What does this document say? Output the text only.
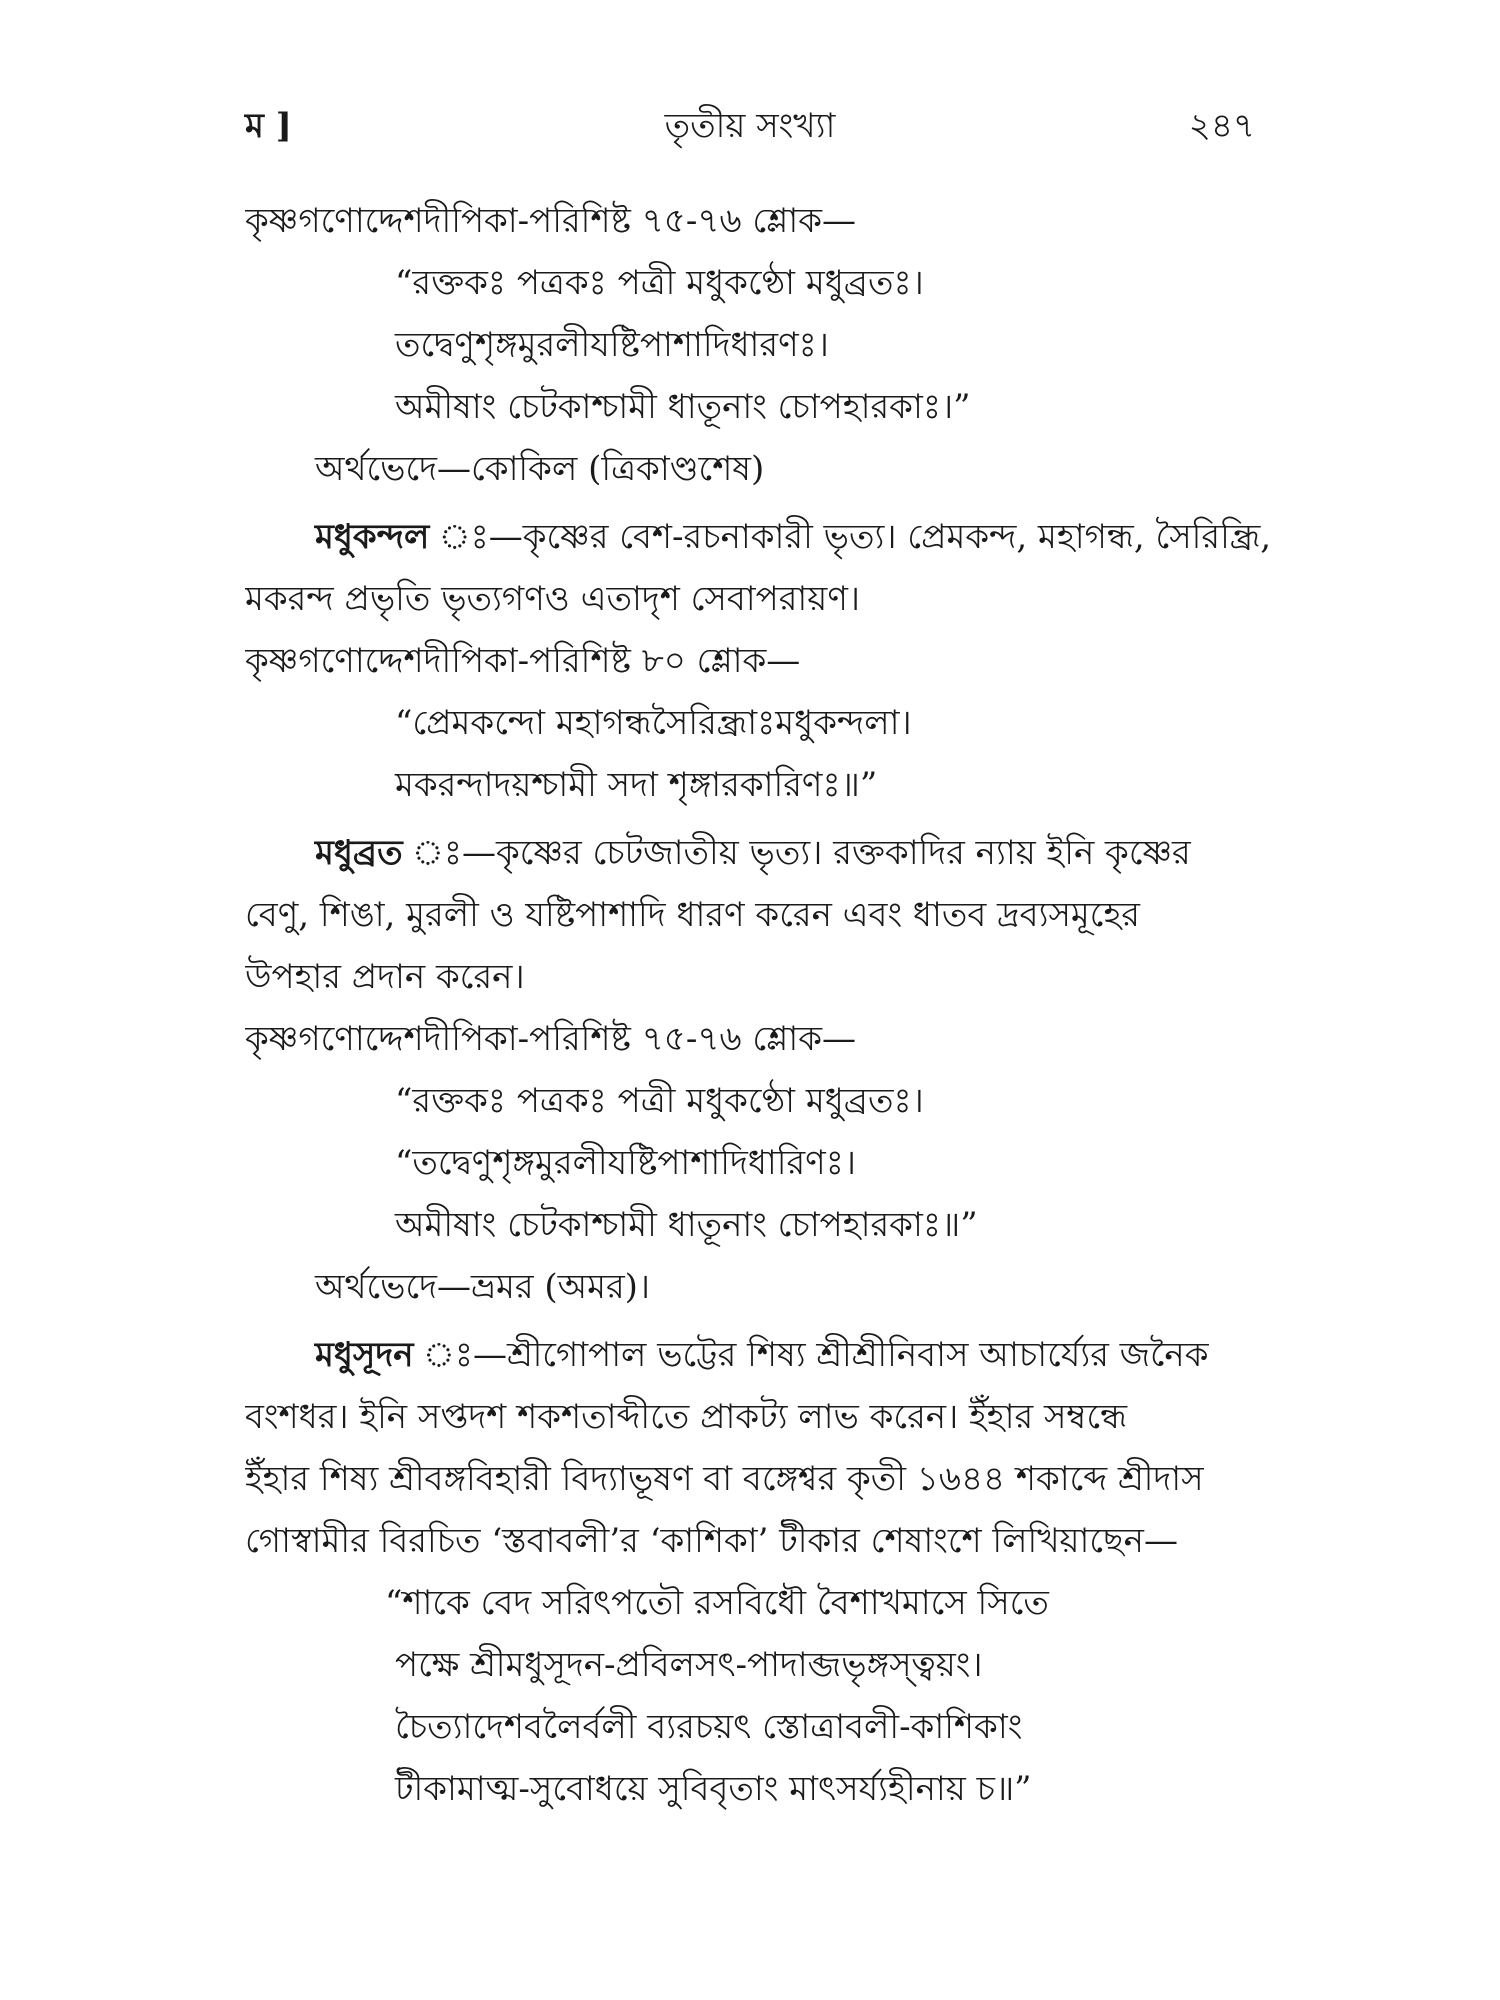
ম ]	তৃতীয় সংখ্যা	২৪৭
কৃষ্ণগণোদ্দেশদীপিকা-পরিশিষ্ট ৭৫-৭৬ শ্লোক—
“রক্তকঃ পত্রকঃ পত্রী মধুকণ্ঠো মধুব্রতঃ।
তদ্বেণুশৃঙ্গমুরলীযষ্টিপাশাদিধারণঃ।
অমীষাং চেটকাশ্চামী ধাতূনাং চোপহারকাঃ।”
অর্থভেদে—কোকিল (ত্রিকাণ্ডশেষ)
মধুকন্দল ঃ—কৃষ্ণের বেশ-রচনাকারী ভৃত্য। প্রেমকন্দ, মহাগন্ধ, সৈরিন্ধ্রি,
মকরন্দ প্রভৃতি ভৃত্যগণও এতাদৃশ সেবাপরায়ণ।
কৃষ্ণগণোদ্দেশদীপিকা-পরিশিষ্ট ৮০ শ্লোক—
“প্রেমকন্দো মহাগন্ধসৈরিন্ধ্রাঃমধুকন্দলা।
মকরন্দাদয়শ্চামী সদা শৃঙ্গারকারিণঃ॥”
মধুব্রত ঃ—কৃষ্ণের চেটজাতীয় ভৃত্য। রক্তকাদির ন্যায় ইনি কৃষ্ণের
বেণু, শিঙা, মুরলী ও যষ্টিপাশাদি ধারণ করেন এবং ধাতব দ্রব্যসমূহের
উপহার প্রদান করেন।
কৃষ্ণগণোদ্দেশদীপিকা-পরিশিষ্ট ৭৫-৭৬ শ্লোক—
“রক্তকঃ পত্রকঃ পত্রী মধুকণ্ঠো মধুব্রতঃ।
“তদ্বেণুশৃঙ্গমুরলীযষ্টিপাশাদিধারিণঃ।
অমীষাং চেটকাশ্চামী ধাতূনাং চোপহারকাঃ॥”
অর্থভেদে—ভ্রমর (অমর)।
মধুসূদন ঃ—শ্রীগোপাল ভট্টের শিষ্য শ্রীশ্রীনিবাস আচার্য্যের জনৈক
বংশধর। ইনি সপ্তদশ শকশতাব্দীতে প্রাকট্য লাভ করেন। ইঁহার সম্বন্ধে
ইঁহার শিষ্য শ্রীবঙ্গবিহারী বিদ্যাভূষণ বা বঙ্গেশ্বর কৃতী ১৬৪৪ শকাব্দে শ্রীদাস
গোস্বামীর বিরচিত ‘স্তবাবলী’র ‘কাশিকা’ টীকার শেষাংশে লিখিয়াছেন—
“শাকে বেদ সরিৎপতৌ রসবিধৌ বৈশাখমাসে সিতে
পক্ষে শ্রীমধুসূদন-প্রবিলসৎ-পাদাব্জভৃঙ্গস্ত্বয়ং।
চৈত্যাদেশবলৈর্বলী ব্যরচয়ৎ স্তোত্রাবলী-কাশিকাং
টীকামাত্ম-সুবোধয়ে সুবিবৃতাং মাৎসর্য্যহীনায় চ॥”
